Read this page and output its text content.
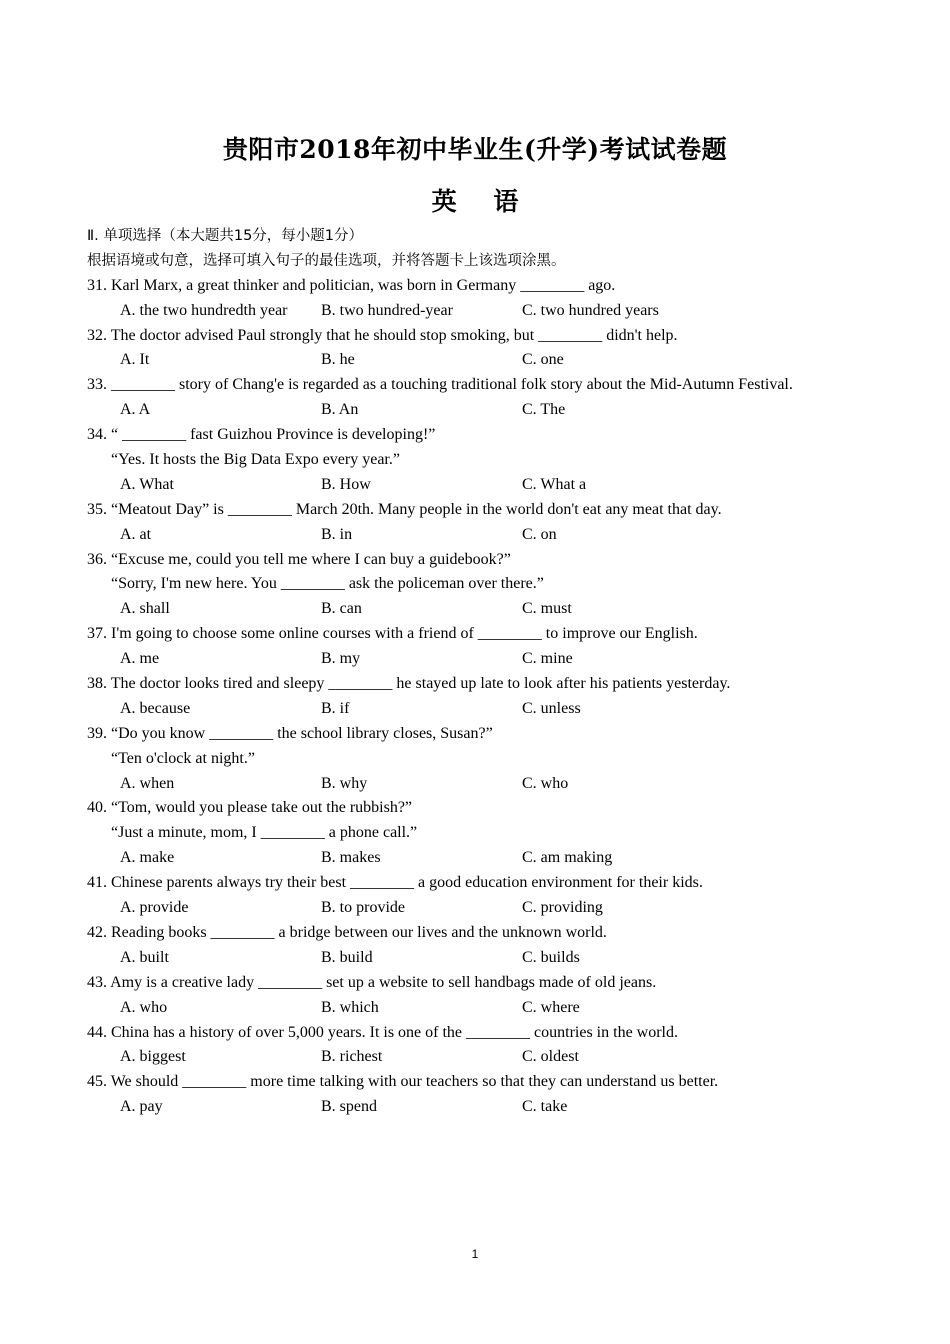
贵阳市2018年初中毕业生(升学)考试试卷题
英 语
Ⅱ. 单项选择（本大题共15分，每小题1分）
根据语境或句意，选择可填入句子的最佳选项，并将答题卡上该选项涂黑。
31. Karl Marx, a great thinker and politician, was born in Germany ________ ago.
A. the two hundredth year B. two hundred-year	C. two hundred years
32. The doctor advised Paul strongly that he should stop smoking, but ________ didn't help.
A. It	B. he	C. one
33. ________ story of Chang'e is regarded as a touching traditional folk story about the Mid-Autumn Festival.
A. A	B. An	C. The
34. “ ________ fast Guizhou Province is developing!”
“Yes. It hosts the Big Data Expo every year.”
A. What	B. How	C. What a
35. “Meatout Day” is ________ March 20th. Many people in the world don't eat any meat that day.
A. at	B. in	C. on
36. “Excuse me, could you tell me where I can buy a guidebook?”
“Sorry, I'm new here. You ________ ask the policeman over there.”
A. shall	B. can	C. must
37. I'm going to choose some online courses with a friend of ________ to improve our English.
A. me	B. my	C. mine
38. The doctor looks tired and sleepy ________ he stayed up late to look after his patients yesterday.
A. because	B. if	C. unless
39. “Do you know ________ the school library closes, Susan?”
“Ten o'clock at night.”
A. when	B. why	C. who
40. “Tom, would you please take out the rubbish?”
“Just a minute, mom, I ________ a phone call.”
A. make	B. makes	C. am making
41. Chinese parents always try their best ________ a good education environment for their kids.
A. provide	B. to provide	C. providing
42. Reading books ________ a bridge between our lives and the unknown world.
A. built	B. build	C. builds
43. Amy is a creative lady ________ set up a website to sell handbags made of old jeans.
A. who	B. which	C. where
44. China has a history of over 5,000 years. It is one of the ________ countries in the world.
A. biggest	B. richest	C. oldest
45. We should ________ more time talking with our teachers so that they can understand us better.
A. pay	B. spend	C. take
1
